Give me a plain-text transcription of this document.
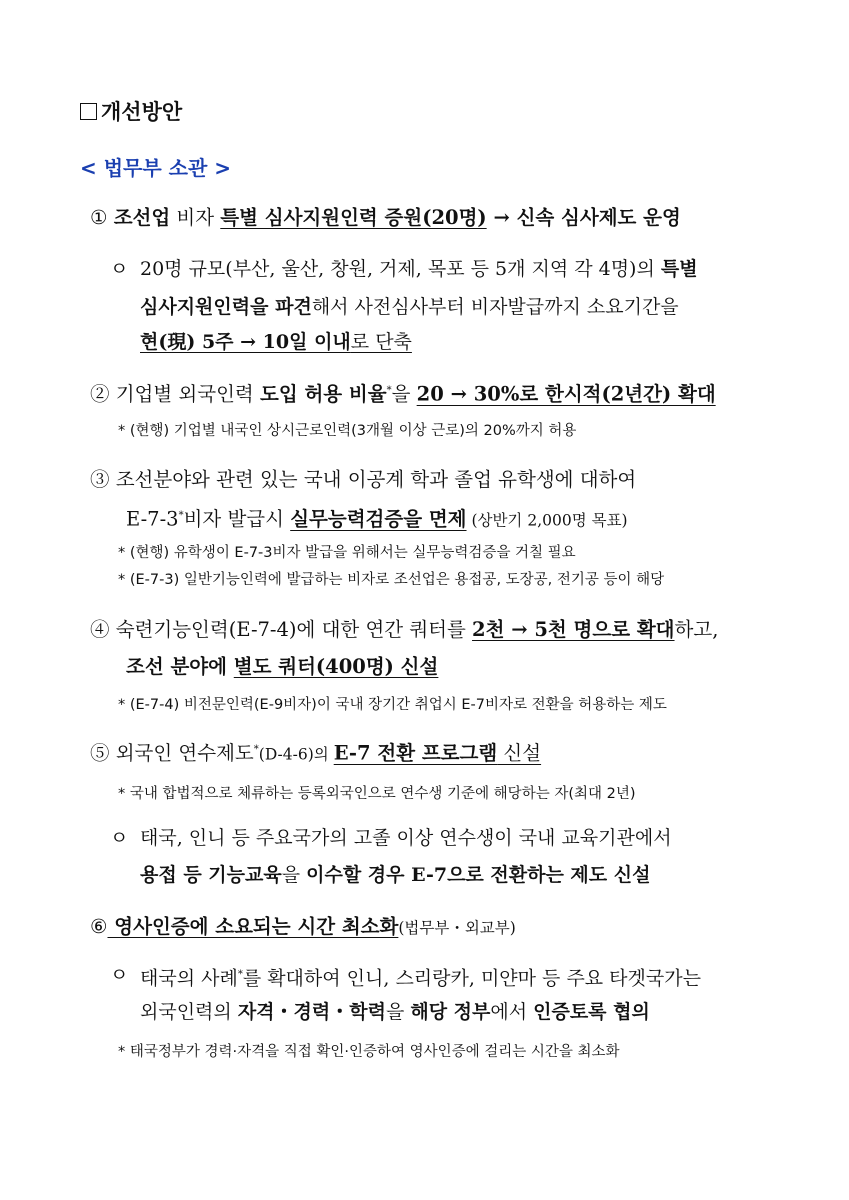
개선방안
< 법무부 소관 >
① 조선업 비자 특별 심사지원인력 증원(20명) → 신속 심사제도 운영
ㅇ 20명 규모(부산, 울산, 창원, 거제, 목포 등 5개 지역 각 4명)의 특별
심사지원인력을 파견해서 사전심사부터 비자발급까지 소요기간을
현(現) 5주 → 10일 이내로 단축
② 기업별 외국인력 도입 허용 비율*을 20 → 30%로 한시적(2년간) 확대
* (현행) 기업별 내국인 상시근로인력(3개월 이상 근로)의 20%까지 허용
③ 조선분야와 관련 있는 국내 이공계 학과 졸업 유학생에 대하여
E-7-3*비자 발급시 실무능력검증을 면제 (상반기 2,000명 목표)
* (현행) 유학생이 E-7-3비자 발급을 위해서는 실무능력검증을 거칠 필요
* (E-7-3) 일반기능인력에 발급하는 비자로 조선업은 용접공, 도장공, 전기공 등이 해당
④ 숙련기능인력(E-7-4)에 대한 연간 쿼터를 2천 → 5천 명으로 확대하고,
조선 분야에 별도 쿼터(400명) 신설
* (E-7-4) 비전문인력(E-9비자)이 국내 장기간 취업시 E-7비자로 전환을 허용하는 제도
⑤ 외국인 연수제도*(D-4-6)의 E-7 전환 프로그램 신설
* 국내 합법적으로 체류하는 등록외국인으로 연수생 기준에 해당하는 자(최대 2년)
ㅇ 태국, 인니 등 주요국가의 고졸 이상 연수생이 국내 교육기관에서
용접 등 기능교육을 이수할 경우 E-7으로 전환하는 제도 신설
⑥ 영사인증에 소요되는 시간 최소화(법무부・외교부)
ㅇ 태국의 사례*를 확대하여 인니, 스리랑카, 미얀마 등 주요 타겟국가는
외국인력의 자격・경력・학력을 해당 정부에서 인증토록 협의
* 태국정부가 경력·자격을 직접 확인·인증하여 영사인증에 걸리는 시간을 최소화
